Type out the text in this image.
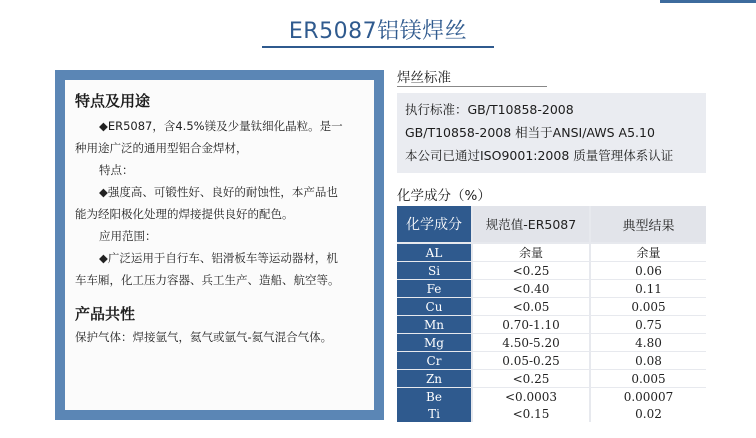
ER5087铝镁焊丝
特点及用途
◆ER5087，含4.5%镁及少量钛细化晶粒。是一
种用途广泛的通用型铝合金焊材，
特点：
◆强度高、可锻性好、良好的耐蚀性，本产品也
能为经阳极化处理的焊接提供良好的配色。
应用范围：
◆广泛运用于自行车、铝滑板车等运动器材，机
车车厢，化工压力容器、兵工生产、造船、航空等。
产品共性
保护气体：焊接氩气，氦气或氩气-氦气混合气体。
焊丝标准
执行标准：GB/T10858-2008
GB/T10858-2008 相当于ANSI/AWS A5.10
本公司已通过ISO9001:2008 质量管理体系认证
化学成分（%）
化学成分	规范值-ER5087	典型结果
AL	余量	余量
Si	<0.25	0.06
Fe	<0.40	0.11
Cu	<0.05	0.005
Mn	0.70-1.10	0.75
Mg	4.50-5.20	4.80
Cr	0.05-0.25	0.08
Zn	<0.25	0.005
Be	<0.0003	0.00007
Ti	<0.15	0.02
